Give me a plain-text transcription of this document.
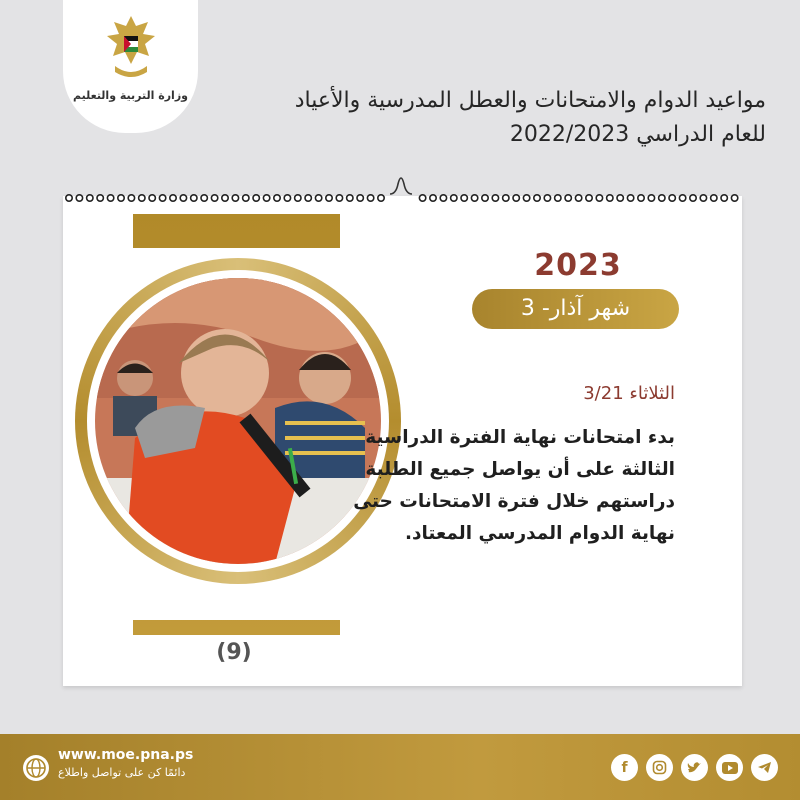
وزارة التربية والتعليم	مواعيد الدوام والامتحانات والعطل المدرسية والأعياد
للعام الدراسي 2022/2023
2023
شهر آذار- 3
الثلاثاء 3/21
بدء امتحانات نهاية الفترة الدراسية الثالثة على أن يواصل جميع الطلبة دراستهم خلال فترة الامتحانات حتى نهاية الدوام المدرسي المعتاد.
(9)
www.moe.pna.ps
دائمًا كن على تواصل واطلاع	f
